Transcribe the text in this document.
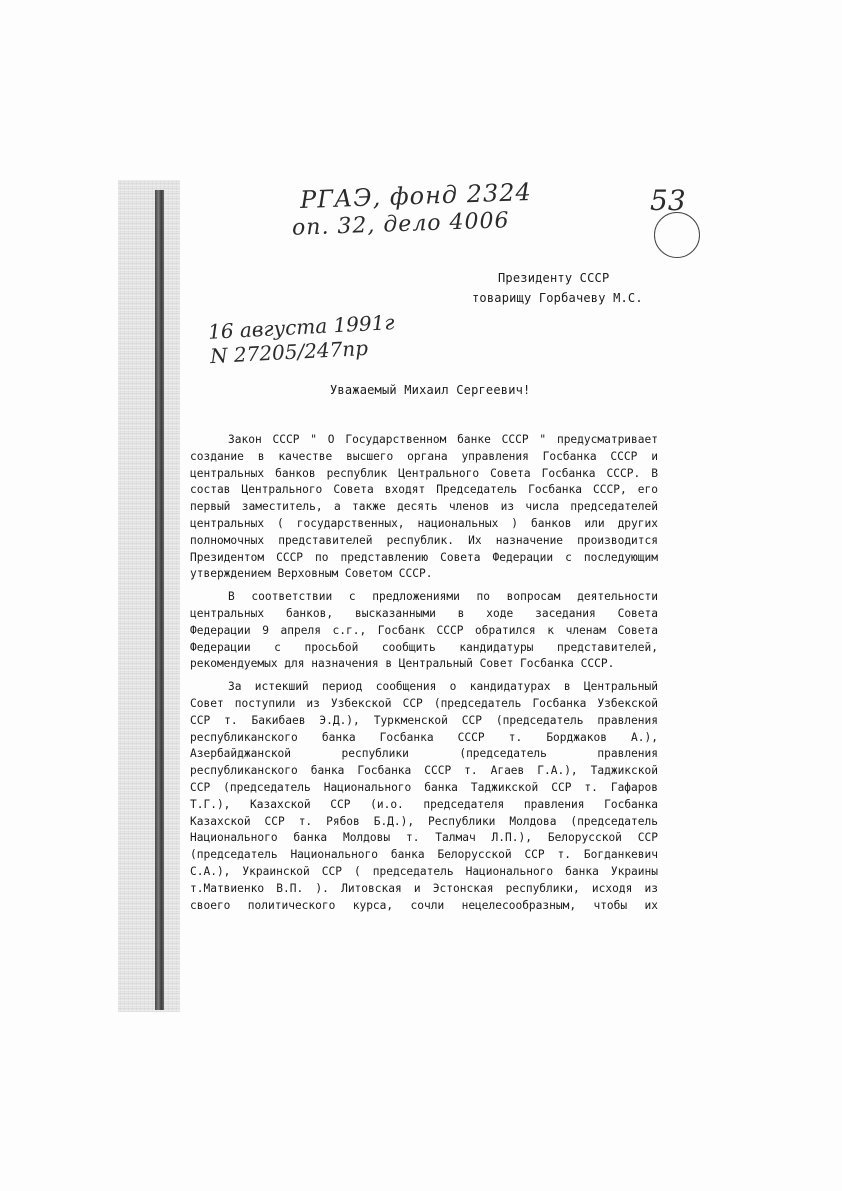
РГАЭ, фонд 2324
оп. 32, дело 4006
53
Президенту СССР
товарищу Горбачеву М.С.
16 августа 1991г
N 27205/247пр
Уважаемый Михаил Сергеевич!
Закон СССР " О Государственном банке СССР " предусматривает
создание в качестве высшего органа управления Госбанка СССР и
центральных банков республик Центрального Совета Госбанка СССР. В
состав Центрального Совета входят Председатель Госбанка СССР, его
первый заместитель, а также десять членов из числа председателей
центральных ( государственных, национальных ) банков или других
полномочных представителей республик. Их назначение производится
Президентом СССР по представлению Совета Федерации с последующим
утверждением Верховным Советом СССР.
В соответствии с предложениями по вопросам деятельности
центральных банков, высказанными в ходе заседания Совета
Федерации 9 апреля с.г., Госбанк СССР обратился к членам Совета
Федерации с просьбой сообщить кандидатуры представителей,
рекомендуемых для назначения в Центральный Совет Госбанка СССР.
За истекший период сообщения о кандидатурах в Центральный
Совет поступили из Узбекской ССР (председатель Госбанка Узбекской
ССР т. Бакибаев Э.Д.), Туркменской ССР (председатель правления
республиканского банка Госбанка СССР т. Борджаков А.),
Азербайджанской республики (председатель правления
республиканского банка Госбанка СССР т. Агаев Г.А.), Таджикской
ССР (председатель Национального банка Таджикской ССР т. Гафаров
Т.Г.), Казахской ССР (и.о. председателя правления Госбанка
Казахской ССР т. Рябов Б.Д.), Республики Молдова (председатель
Национального банка Молдовы т. Талмач Л.П.), Белорусской ССР
(председатель Национального банка Белорусской ССР т. Богданкевич
С.А.), Украинской ССР ( председатель Национального банка Украины
т.Матвиенко В.П. ). Литовская и Эстонская республики, исходя из
своего политического курса, сочли нецелесообразным, чтобы их
